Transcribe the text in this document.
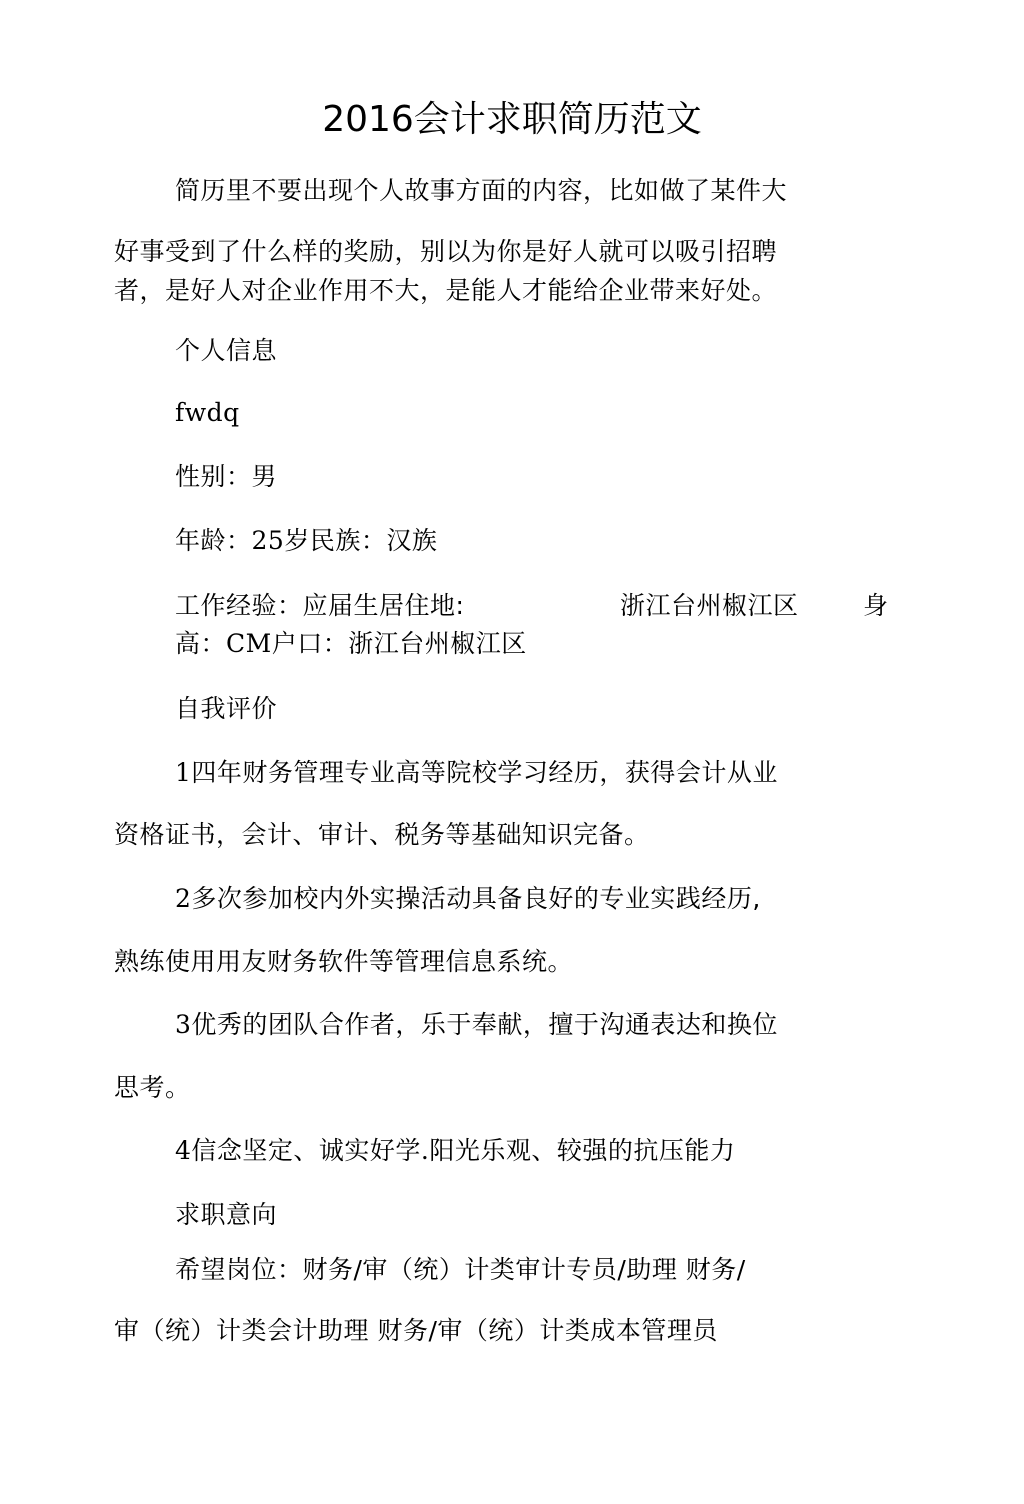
2016会计求职简历范文
简历里不要出现个人故事方面的内容，比如做了某件大
好事受到了什么样的奖励，别以为你是好人就可以吸引招聘
者，是好人对企业作用不大，是能人才能给企业带来好处。
个人信息
fwdq
性别：男
年龄：25岁民族：汉族
工作经验：应届生居住地:	浙江台州椒江区	身
高：CM户口：浙江台州椒江区
自我评价
1四年财务管理专业高等院校学习经历，获得会计从业
资格证书，会计、审计、税务等基础知识完备。
2多次参加校内外实操活动具备良好的专业实践经历,
熟练使用用友财务软件等管理信息系统。
3优秀的团队合作者，乐于奉献，擅于沟通表达和换位
思考。
4信念坚定、诚实好学.阳光乐观、较强的抗压能力
求职意向
希望岗位：财务/审（统）计类审计专员/助理 财务/
审（统）计类会计助理 财务/审（统）计类成本管理员
